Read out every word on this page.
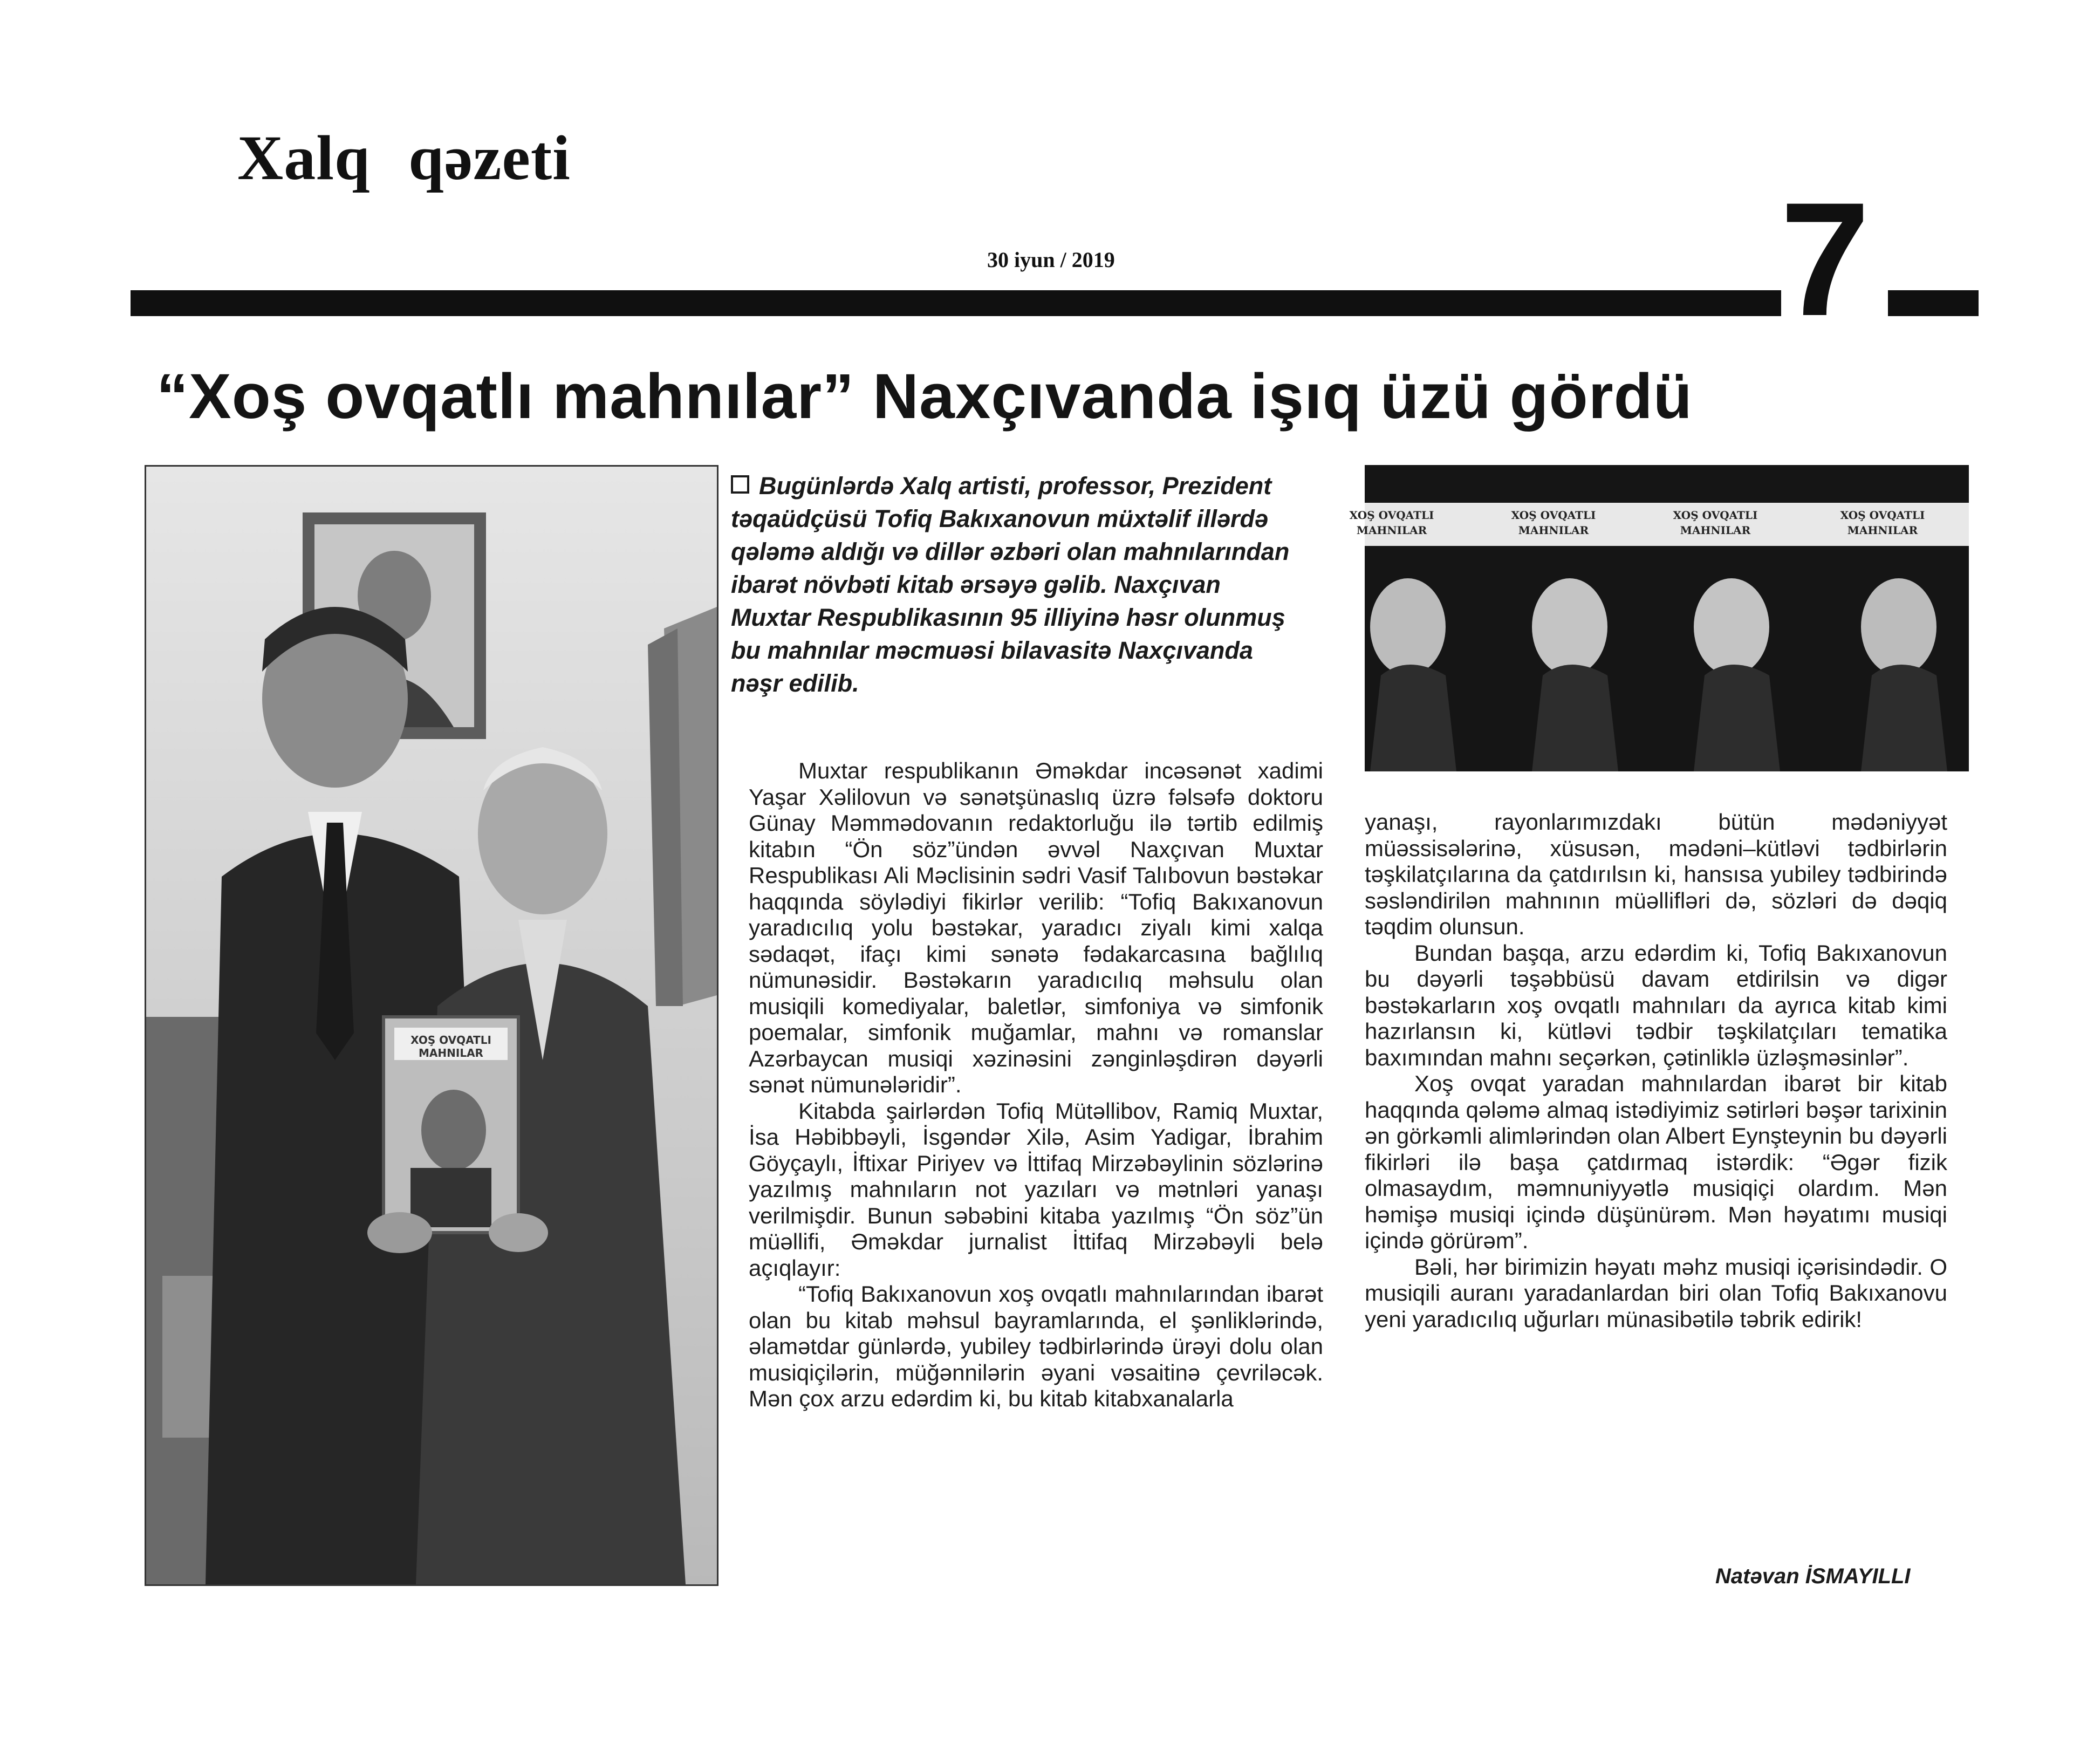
Xalq qəzeti
30 iyun / 2019	7
“Xoş ovqatlı mahnılar” Naxçıvanda işıq üzü gördü
XOŞ OVQATLI
MAHNILAR
XOŞ OVQATLI
MAHNILAR
XOŞ OVQATLI
MAHNILAR
XOŞ OVQATLI
MAHNILAR
XOŞ OVQATLI
MAHNILAR
Bugünlərdə Xalq artisti, professor, Prezident təqaüdçüsü Tofiq Bakıxanovun müxtəlif illərdə qələmə aldığı və dillər əzbəri olan mahnılarından ibarət növbəti kitab ərsəyə gəlib. Naxçıvan Muxtar Respublikasının 95 illiyinə həsr olunmuş bu mahnılar məcmuəsi bilavasitə Naxçıvanda nəşr edilib.

Muxtar respublikanın Əməkdar incəsənət xadimi Yaşar Xəlilovun və sənətşünaslıq üzrə fəlsəfə doktoru Günay Məmmədovanın redaktorluğu ilə tərtib edilmiş kitabın “Ön söz”ündən əvvəl Naxçıvan Muxtar Respublikası Ali Məclisinin sədri Vasif Talıbovun bəstəkar haqqında söylədiyi fikirlər verilib: “Tofiq Bakıxanovun yaradıcılıq yolu bəstəkar, yaradıcı ziyalı kimi xalqa sədaqət, ifaçı kimi sənətə fədakarcasına bağlılıq nümunəsidir. Bəstəkarın yaradıcılıq məhsulu olan musiqili komediyalar, baletlər, simfoniya və simfonik poemalar, simfonik muğamlar, mahnı və romanslar Azərbaycan musiqi xəzinəsini zənginləşdirən dəyərli sənət nümunələridir”.

Kitabda şairlərdən Tofiq Mütəllibov, Ramiq Muxtar, İsa Həbibbəyli, İsgəndər Xilə, Asim Yadigar, İbrahim Göyçaylı, İftixar Piriyev və İttifaq Mirzəbəylinin sözlərinə yazılmış mahnıların not yazıları və mətnləri yanaşı verilmişdir. Bunun səbəbini kitaba yazılmış “Ön söz”ün müəllifi, Əməkdar jurnalist İttifaq Mirzəbəyli belə açıqlayır:

“Tofiq Bakıxanovun xoş ovqatlı mahnılarından ibarət olan bu kitab məhsul bayramlarında, el şənliklərində, əlamətdar günlərdə, yubiley tədbirlərində ürəyi dolu olan musiqiçilərin, müğənnilərin əyani vəsaitinə çevriləcək. Mən çox arzu edərdim ki, bu kitab kitabxanalarla

yanaşı, rayonlarımızdakı bütün mədəniyyət müəssisələrinə, xüsusən, mədəni–kütləvi tədbirlərin təşkilatçılarına da çatdırılsın ki, hansısa yubiley tədbirində səsləndirilən mahnının müəllifləri də, sözləri də dəqiq təqdim olunsun.

Bundan başqa, arzu edərdim ki, Tofiq Bakıxanovun bu dəyərli təşəbbüsü davam etdirilsin və digər bəstəkarların xoş ovqatlı mahnıları da ayrıca kitab kimi hazırlansın ki, kütləvi tədbir təşkilatçıları tematika baxımından mahnı seçərkən, çətinliklə üzləşməsinlər”.

Xoş ovqat yaradan mahnılardan ibarət bir kitab haqqında qələmə almaq istədiyimiz sətirləri bəşər tarixinin ən görkəmli alimlərindən olan Albert Eynşteynin bu dəyərli fikirləri ilə başa çatdırmaq istərdik: “Əgər fizik olmasaydım, məmnuniyyətlə musiqiçi olardım. Mən həmişə musiqi içində düşünürəm. Mən həyatımı musiqi içində görürəm”.

Bəli, hər birimizin həyatı məhz musiqi içərisindədir. O musiqili auranı yaradanlardan biri olan Tofiq Bakıxanovu yeni yaradıcılıq uğurları münasibətilə təbrik edirik!

Natəvan İSMAYILLI
